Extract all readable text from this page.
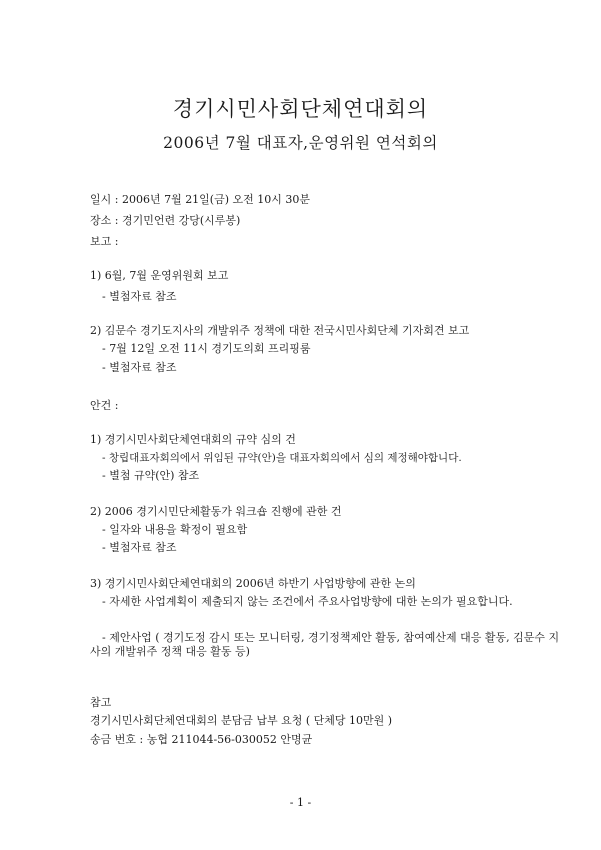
경기시민사회단체연대회의
2006년 7월 대표자,운영위원 연석회의
일시 : 2006년 7월 21일(금) 오전 10시 30분
장소 : 경기민언련 강당(시루봉)
보고 :
1) 6월, 7월 운영위원회 보고
- 별첨자료 참조
2) 김문수 경기도지사의 개발위주 정책에 대한 전국시민사회단체 기자회견 보고
- 7월 12일 오전 11시 경기도의회 프리핑룸
- 별첨자료 참조
안건 :
1) 경기시민사회단체연대회의 규약 심의 건
- 창립대표자회의에서 위임된 규약(안)을 대표자회의에서 심의 제정해야합니다.
- 별첨 규약(안) 참조
2) 2006 경기시민단체활동가 워크숍 진행에 관한 건
- 일자와 내용을 확정이 필요함
- 별첨자료 참조
3) 경기시민사회단체연대회의 2006년 하반기 사업방향에 관한 논의
- 자세한 사업계획이 제출되지 않는 조건에서 주요사업방향에 대한 논의가 필요합니다.
- 제안사업 ( 경기도정 감시 또는 모니터링, 경기정책제안 활동, 참여예산제 대응 활동, 김문수 지사의 개발위주 정책 대응 활동 등)
참고
경기시민사회단체연대회의 분담금 납부 요청 ( 단체당 10만원 )
송금 번호 : 농협 211044-56-030052 안명균
- 1 -
